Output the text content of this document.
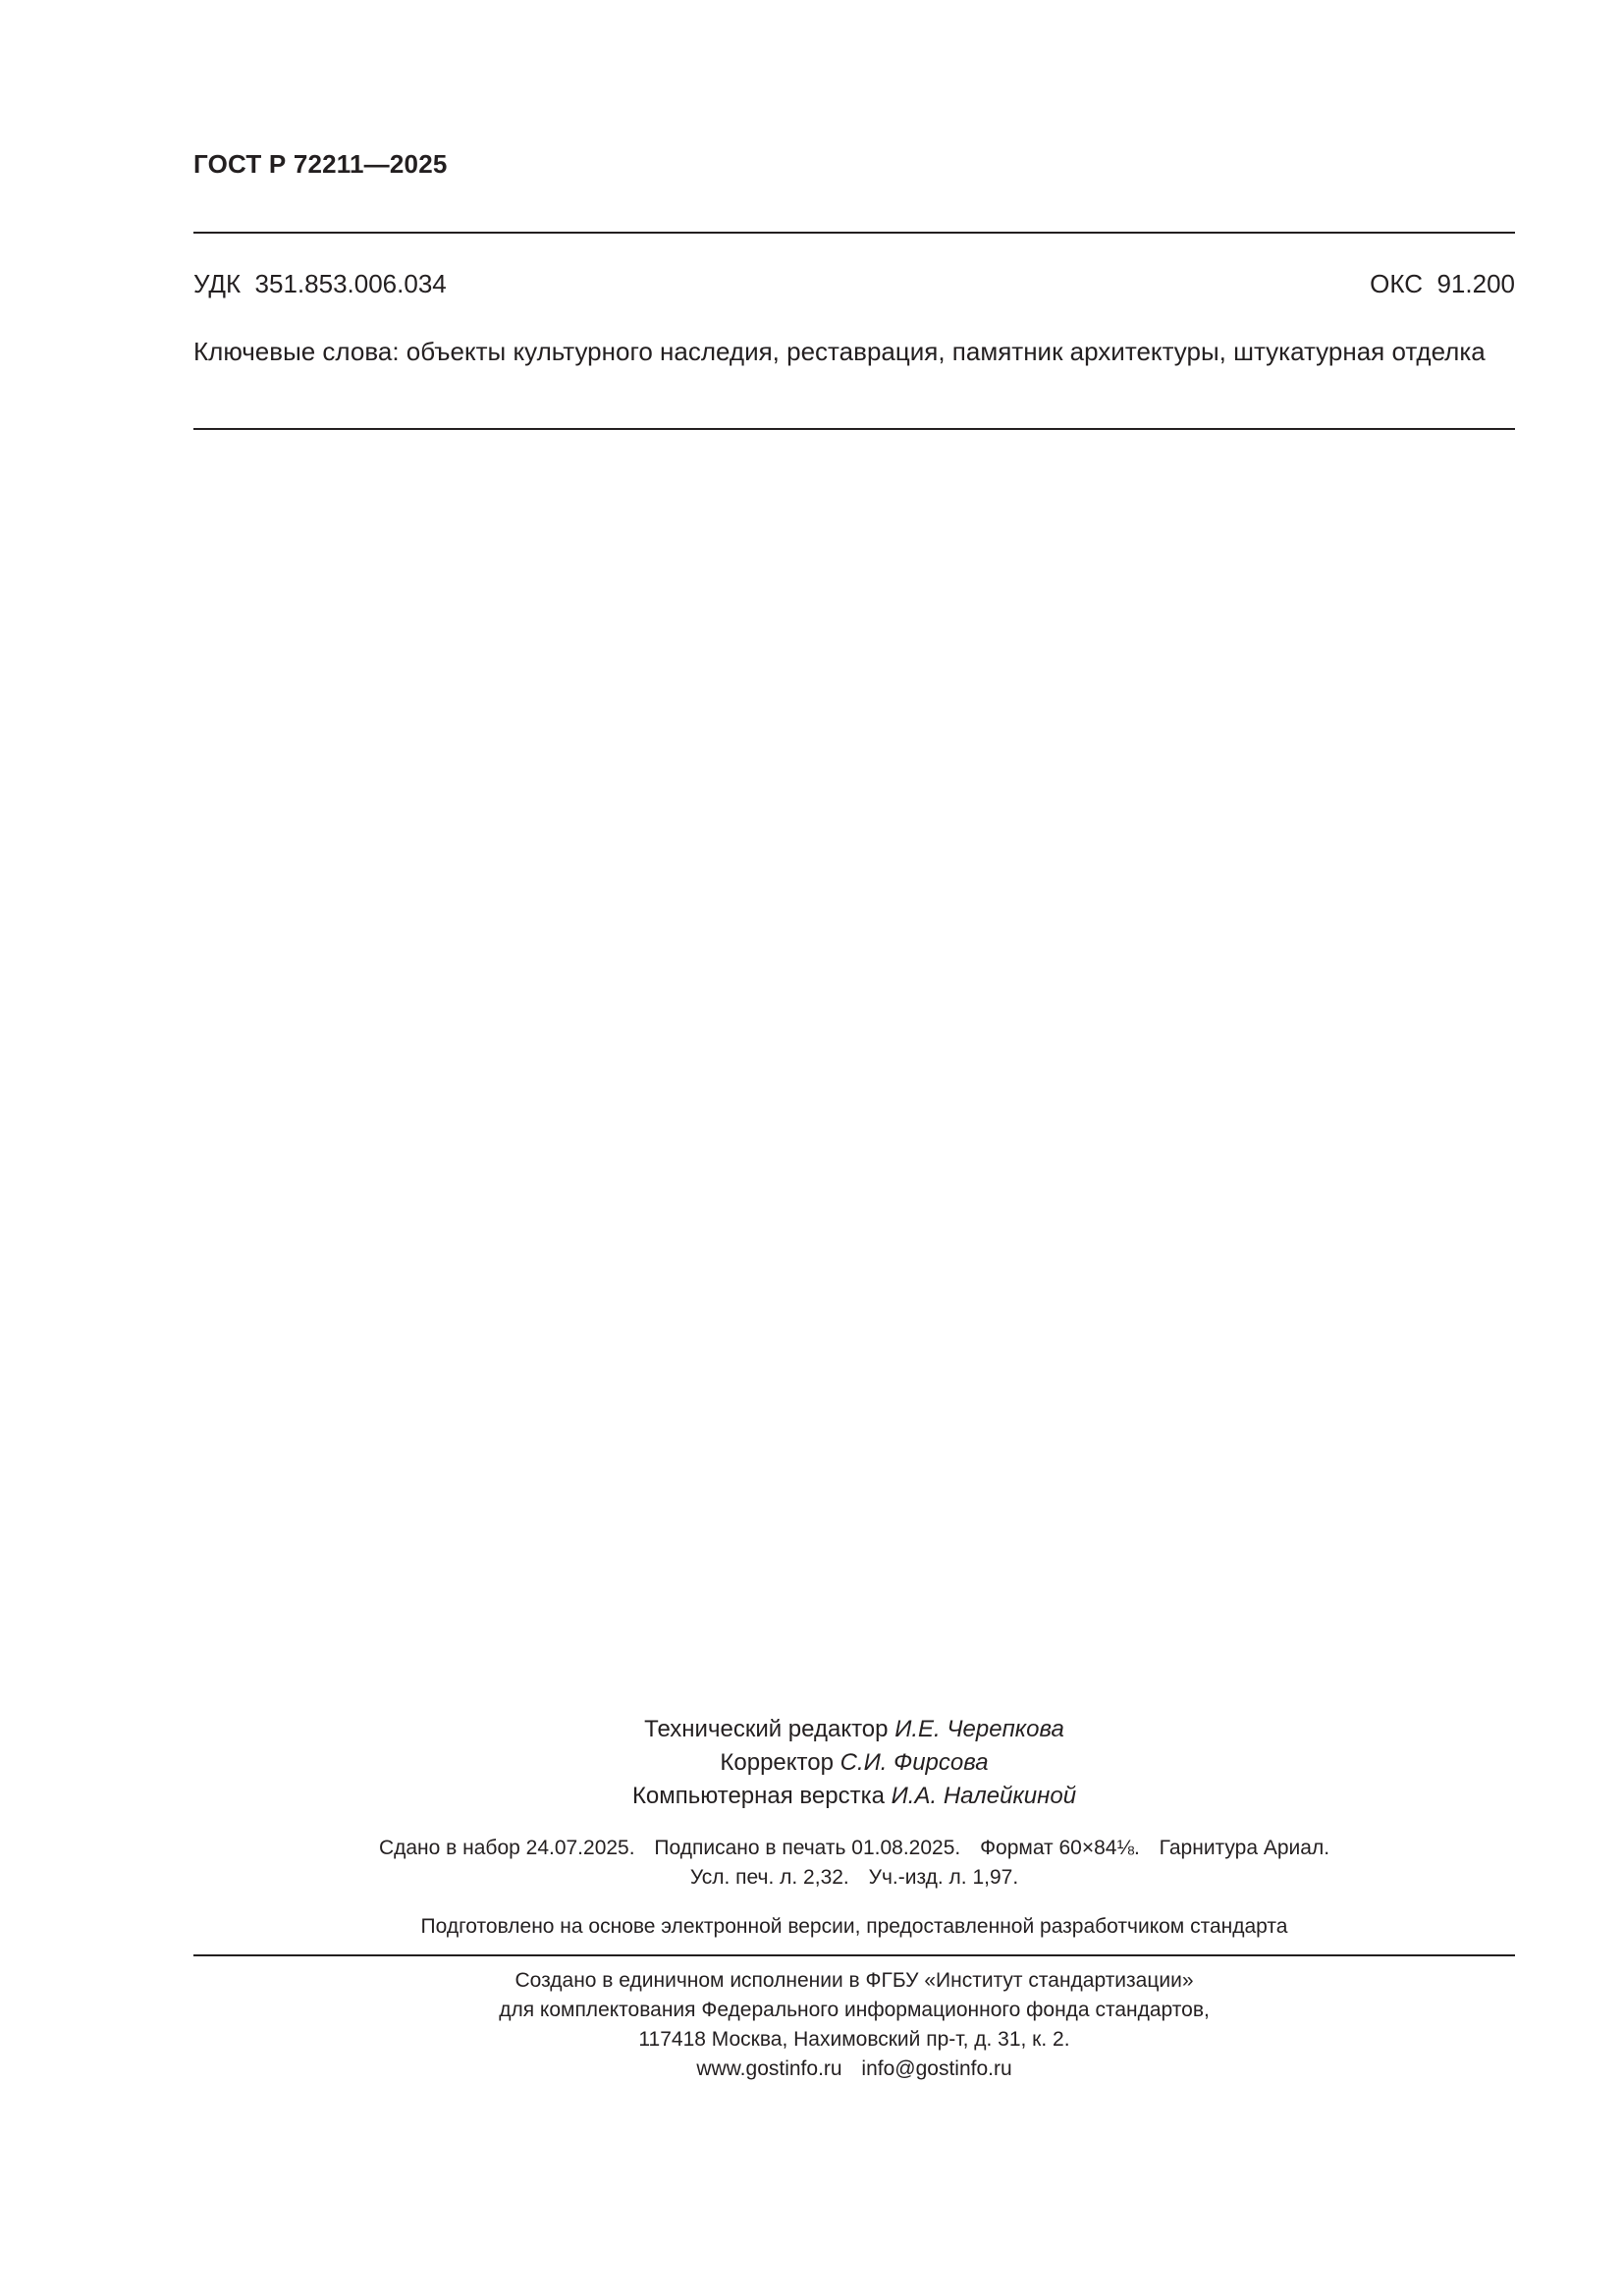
ГОСТ Р 72211—2025
УДК  351.853.006.034	ОКС  91.200
Ключевые слова: объекты культурного наследия, реставрация, памятник архитектуры, штукатурная отделка
Технический редактор И.Е. Черепкова
Корректор С.И. Фирсова
Компьютерная верстка И.А. Налейкиной
Сдано в набор 24.07.2025. Подписано в печать 01.08.2025. Формат 60×84⅛. Гарнитура Ариал.
Усл. печ. л. 2,32. Уч.-изд. л. 1,97.
Подготовлено на основе электронной версии, предоставленной разработчиком стандарта
Создано в единичном исполнении в ФГБУ «Институт стандартизации»
для комплектования Федерального информационного фонда стандартов,
117418 Москва, Нахимовский пр-т, д. 31, к. 2.
www.gostinfo.ru info@gostinfo.ru
